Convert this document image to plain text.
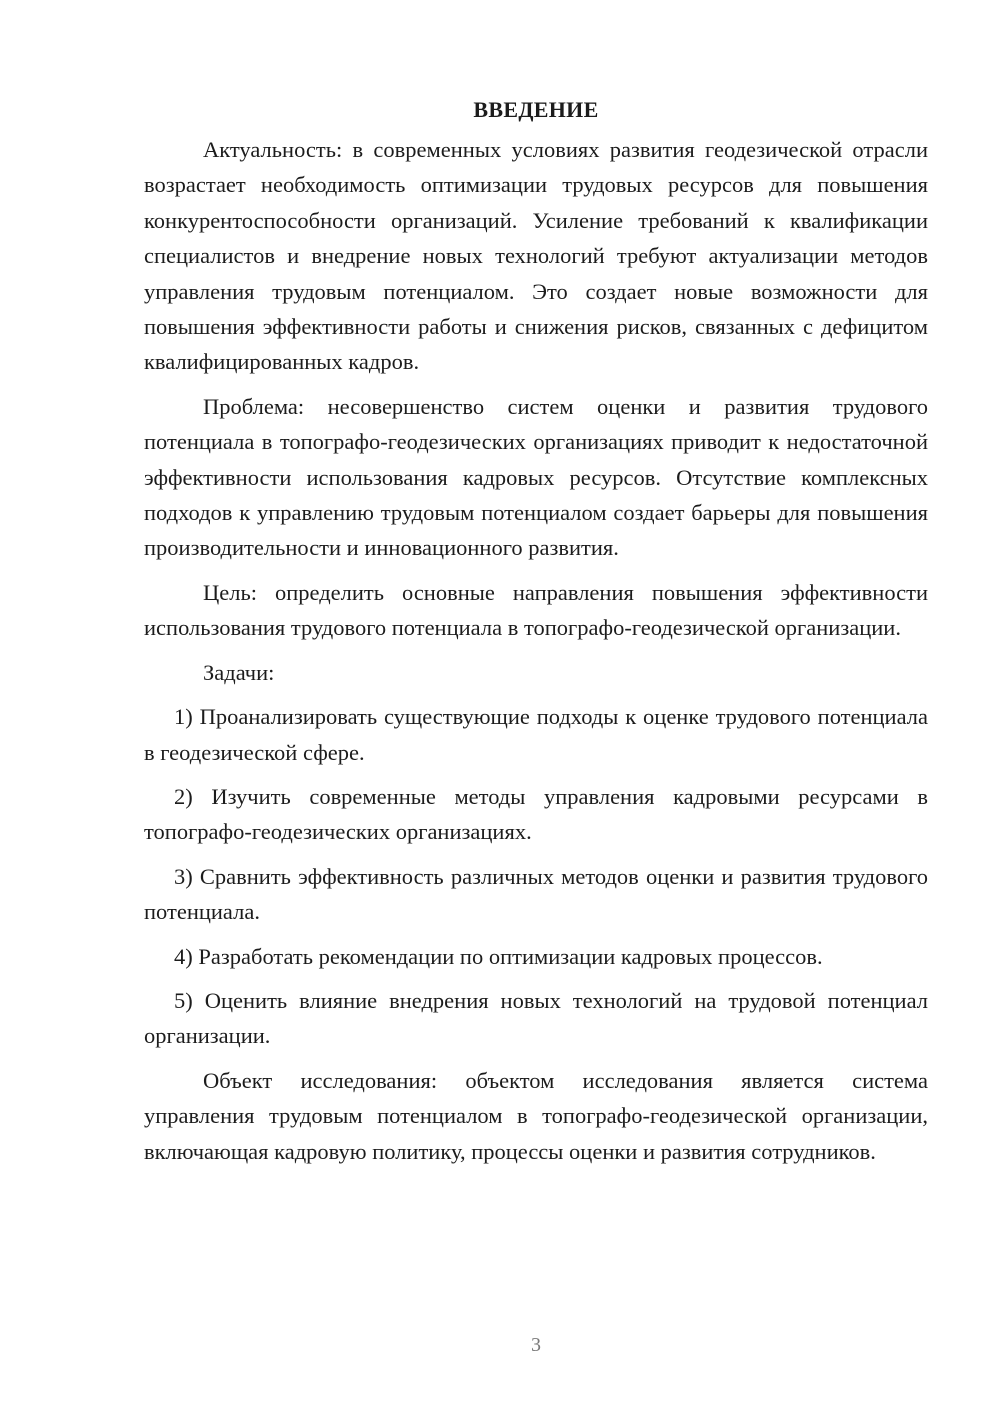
ВВЕДЕНИЕ

Актуальность: в современных условиях развития геодезической отрасли возрастает необходимость оптимизации трудовых ресурсов для повышения конкурентоспособности организаций. Усиление требований к квалификации специалистов и внедрение новых технологий требуют актуализации методов управления трудовым потенциалом. Это создает новые возможности для повышения эффективности работы и снижения рисков, связанных с дефицитом квалифицированных кадров.

Проблема: несовершенство систем оценки и развития трудового потенциала в топографо-геодезических организациях приводит к недостаточной эффективности использования кадровых ресурсов. Отсутствие комплексных подходов к управлению трудовым потенциалом создает барьеры для повышения производительности и инновационного развития.

Цель: определить основные направления повышения эффективности использования трудового потенциала в топографо-геодезической организации.

Задачи:

1) Проанализировать существующие подходы к оценке трудового потенциала в геодезической сфере.

2) Изучить современные методы управления кадровыми ресурсами в топографо-геодезических организациях.

3) Сравнить эффективность различных методов оценки и развития трудового потенциала.

4) Разработать рекомендации по оптимизации кадровых процессов.

5) Оценить влияние внедрения новых технологий на трудовой потенциал организации.

Объект исследования: объектом исследования является система управления трудовым потенциалом в топографо-геодезической организации, включающая кадровую политику, процессы оценки и развития сотрудников.

3
